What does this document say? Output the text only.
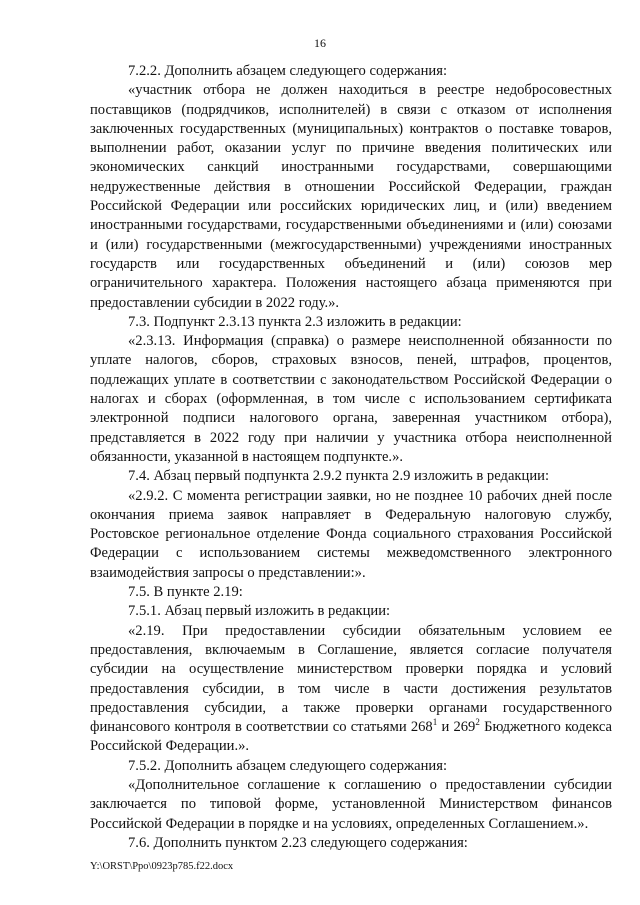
16

7.2.2. Дополнить абзацем следующего содержания:

«участник отбора не должен находиться в реестре недобросовестных поставщиков (подрядчиков, исполнителей) в связи с отказом от исполнения заключенных государственных (муниципальных) контрактов о поставке товаров, выполнении работ, оказании услуг по причине введения политических или экономических санкций иностранными государствами, совершающими недружественные действия в отношении Российской Федерации, граждан Российской Федерации или российских юридических лиц, и (или) введением иностранными государствами, государственными объединениями и (или) союзами и (или) государственными (межгосударственными) учреждениями иностранных государств или государственных объединений и (или) союзов мер ограничительного характера. Положения настоящего абзаца применяются при предоставлении субсидии в 2022 году.».

7.3. Подпункт 2.3.13 пункта 2.3 изложить в редакции:

«2.3.13. Информация (справка) о размере неисполненной обязанности по уплате налогов, сборов, страховых взносов, пеней, штрафов, процентов, подлежащих уплате в соответствии с законодательством Российской Федерации о налогах и сборах (оформленная, в том числе с использованием сертификата электронной подписи налогового органа, заверенная участником отбора), представляется в 2022 году при наличии у участника отбора неисполненной обязанности, указанной в настоящем подпункте.».

7.4. Абзац первый подпункта 2.9.2 пункта 2.9 изложить в редакции:

«2.9.2. С момента регистрации заявки, но не позднее 10 рабочих дней после окончания приема заявок направляет в Федеральную налоговую службу, Ростовское региональное отделение Фонда социального страхования Российской Федерации с использованием системы межведомственного электронного взаимодействия запросы о представлении:».

7.5. В пункте 2.19:

7.5.1. Абзац первый изложить в редакции:

«2.19. При предоставлении субсидии обязательным условием ее предоставления, включаемым в Соглашение, является согласие получателя субсидии на осуществление министерством проверки порядка и условий предоставления субсидии, в том числе в части достижения результатов предоставления субсидии, а также проверки органами государственного финансового контроля в соответствии со статьями $268^1$ и $269^2$ Бюджетного кодекса Российской Федерации.».

7.5.2. Дополнить абзацем следующего содержания:

«Дополнительное соглашение к соглашению о предоставлении субсидии заключается по типовой форме, установленной Министерством финансов Российской Федерации в порядке и на условиях, определенных Соглашением.».

7.6. Дополнить пунктом 2.23 следующего содержания:

Y:\ORST\Ppo\0923p785.f22.docx
